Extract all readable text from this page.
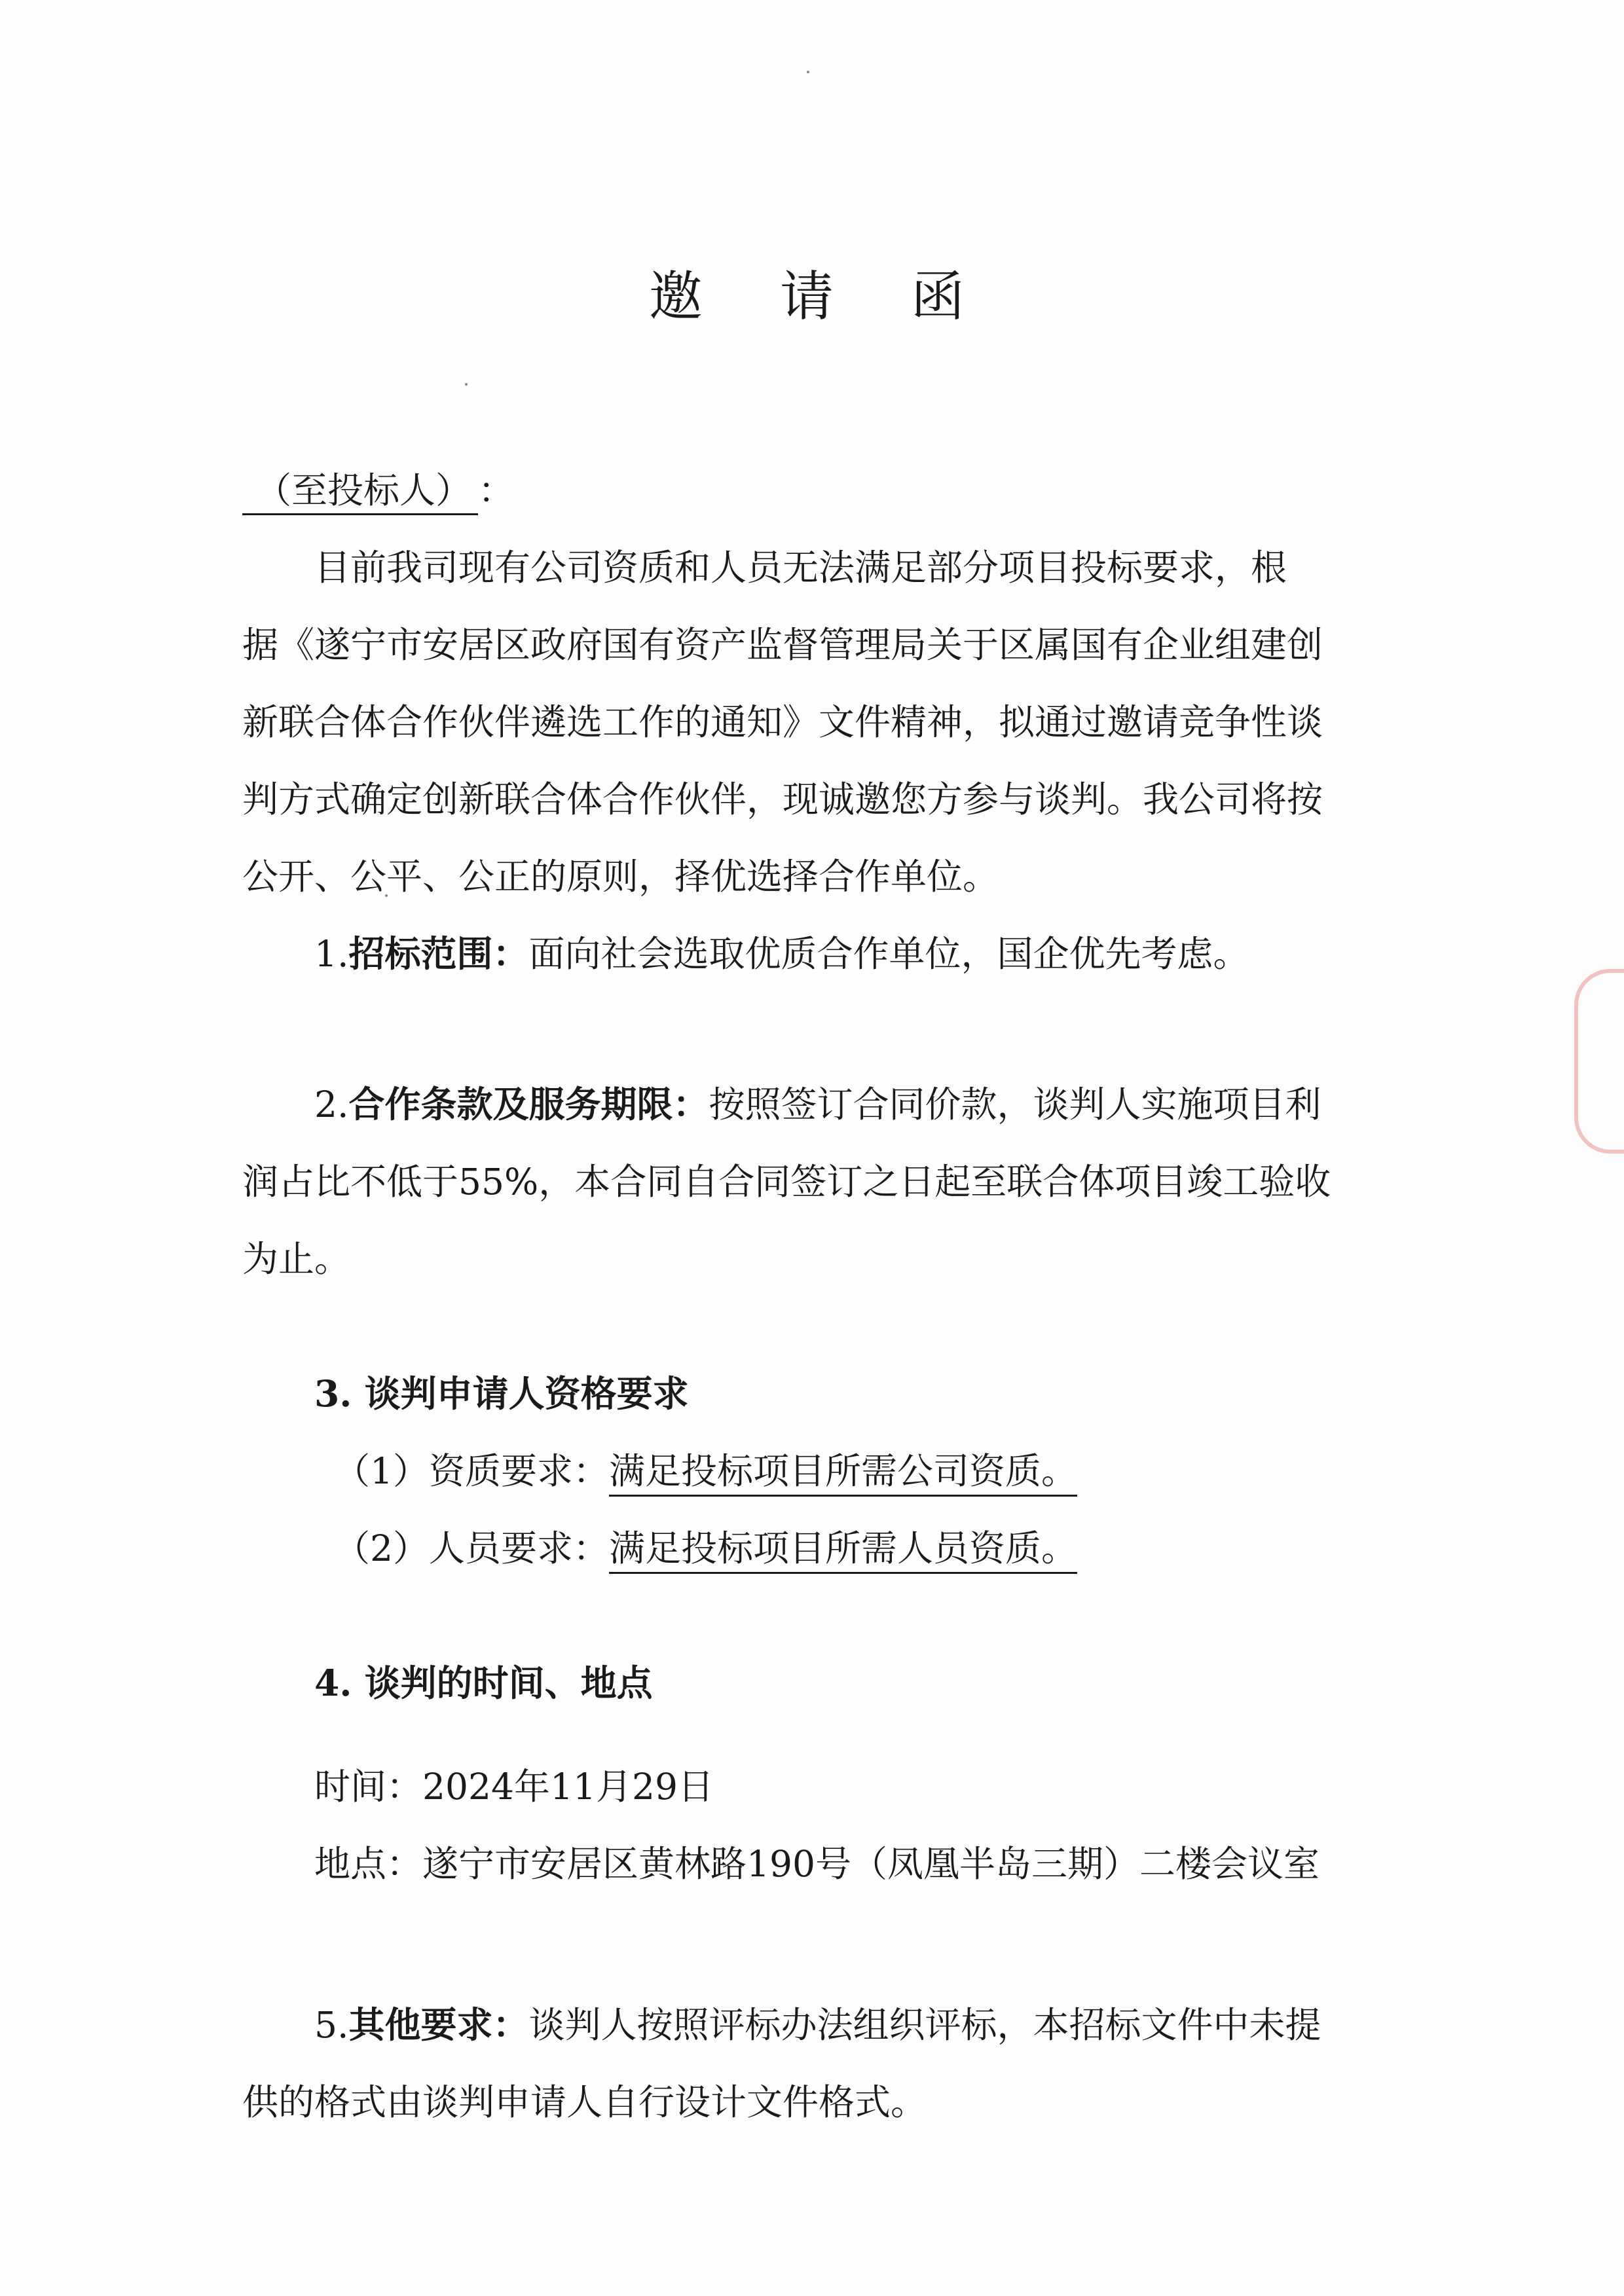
邀 请 函
（至投标人） ：
目前我司现有公司资质和人员无法满足部分项目投标要求，根
据《遂宁市安居区政府国有资产监督管理局关于区属国有企业组建创
新联合体合作伙伴遴选工作的通知》文件精神，拟通过邀请竞争性谈
判方式确定创新联合体合作伙伴，现诚邀您方参与谈判。我公司将按
公开、公平、公正的原则，择优选择合作单位。
1.招标范围：面向社会选取优质合作单位，国企优先考虑。
2.合作条款及服务期限：按照签订合同价款，谈判人实施项目利
润占比不低于55%，本合同自合同签订之日起至联合体项目竣工验收
为止。
3. 谈判申请人资格要求
（1）资质要求：满足投标项目所需公司资质。
（2）人员要求：满足投标项目所需人员资质。
4. 谈判的时间、地点
时间：2024年11月29日
地点：遂宁市安居区黄林路190号（凤凰半岛三期）二楼会议室
5.其他要求：谈判人按照评标办法组织评标，本招标文件中未提
供的格式由谈判申请人自行设计文件格式。
